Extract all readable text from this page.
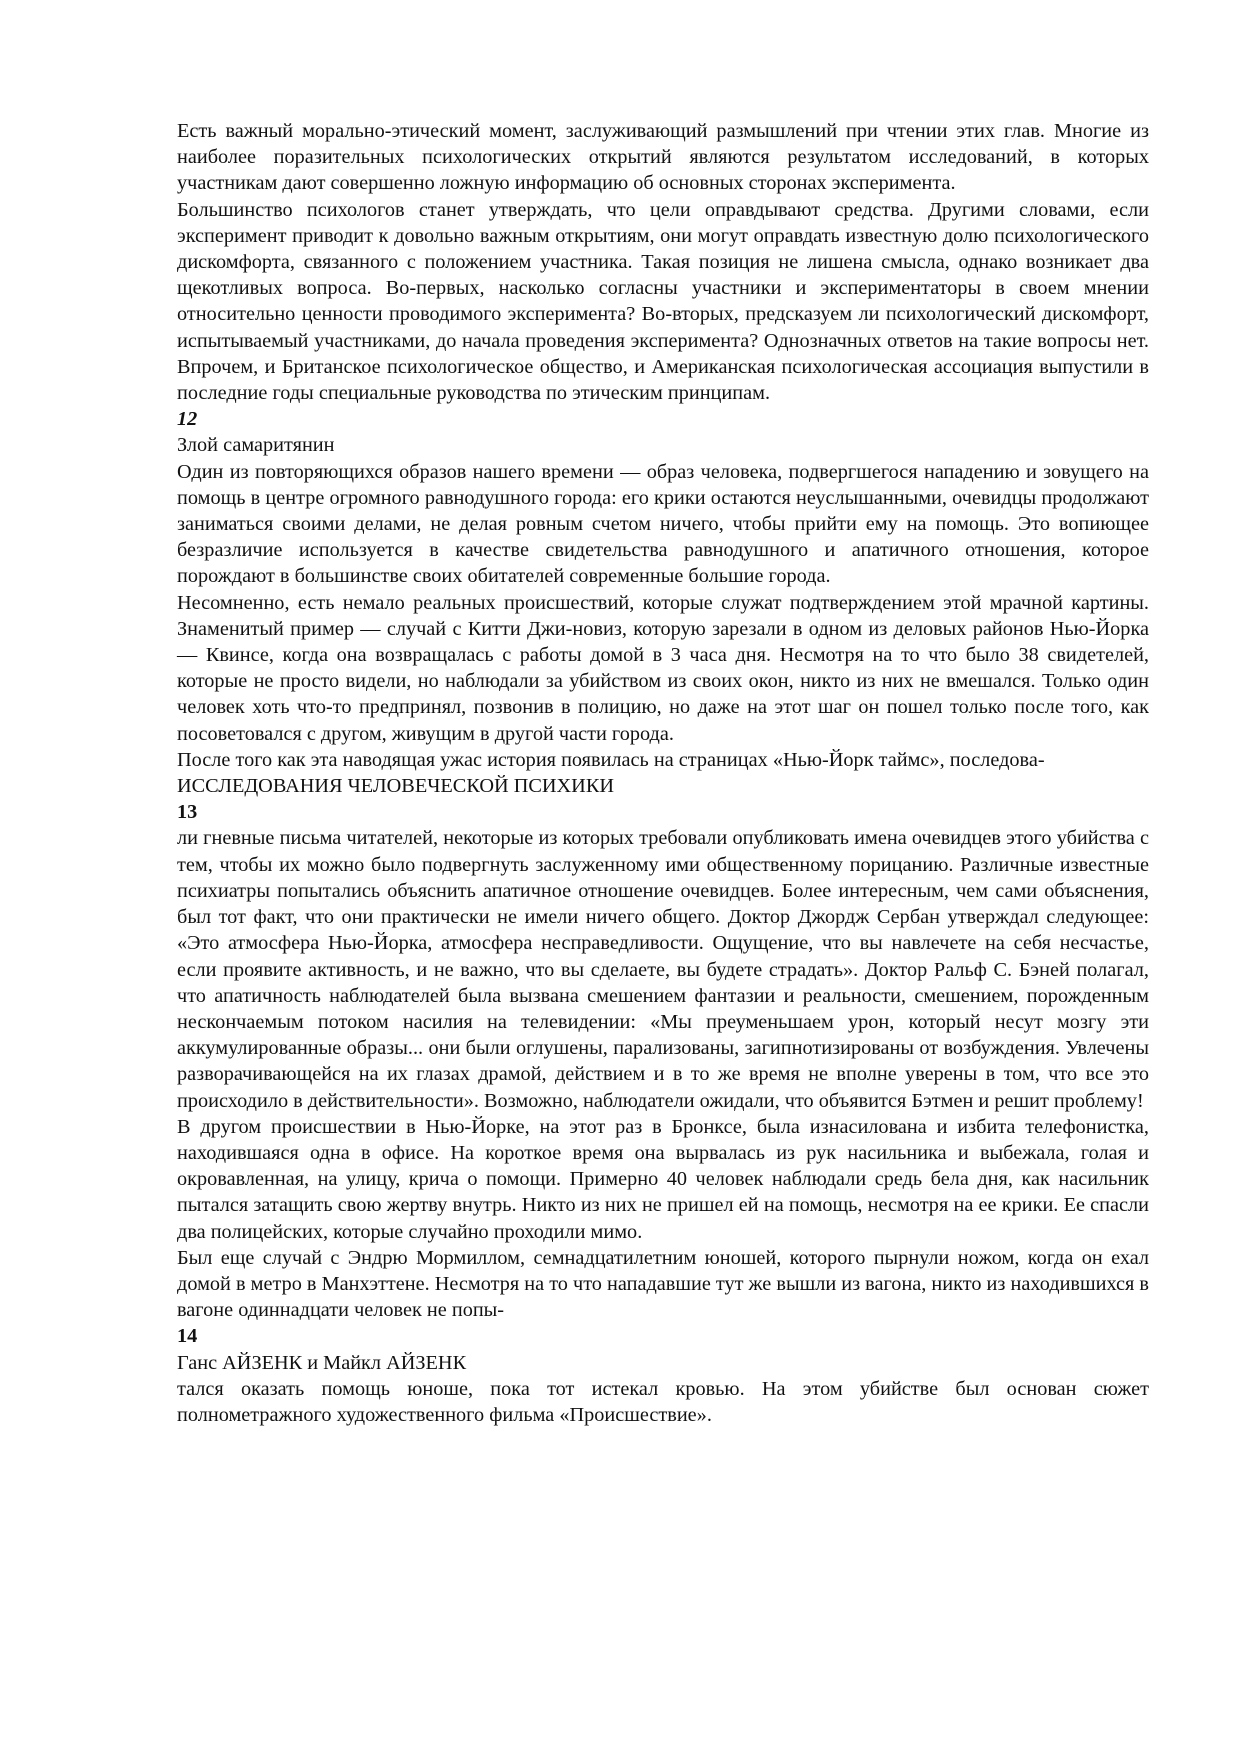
Есть важный морально-этический момент, заслуживающий размышлений при чтении этих глав. Многие из наиболее поразительных психологических открытий являются результатом исследований, в которых участникам дают совершенно ложную информацию об основных сторонах эксперимента.

Большинство психологов станет утверждать, что цели оправдывают средства. Другими словами, если эксперимент приводит к довольно важным открытиям, они могут оправдать известную долю психологического дискомфорта, связанного с положением участника. Такая позиция не лишена смысла, однако возникает два щекотливых вопроса. Во-первых, насколько согласны участники и экспериментаторы в своем мнении относительно ценности проводимого эксперимента? Во-вторых, предсказуем ли психологический дискомфорт, испытываемый участниками, до начала проведения эксперимента? Однозначных ответов на такие вопросы нет. Впрочем, и Британское психологическое общество, и Американская психологическая ассоциация выпустили в последние годы специальные руководства по этическим принципам.

12

Злой самаритянин

Один из повторяющихся образов нашего времени — образ человека, подвергшегося нападению и зовущего на помощь в центре огромного равнодушного города: его крики остаются неуслышанными, очевидцы продолжают заниматься своими делами, не делая ровным счетом ничего, чтобы прийти ему на помощь. Это вопиющее безразличие используется в качестве свидетельства равнодушного и апатичного отношения, которое порождают в большинстве своих обитателей современные большие города.

Несомненно, есть немало реальных происшествий, которые служат подтверждением этой мрачной картины. Знаменитый пример — случай с Китти Джи-новиз, которую зарезали в одном из деловых районов Нью-Йорка — Квинсе, когда она возвращалась с работы домой в 3 часа дня. Несмотря на то что было 38 свидетелей, которые не просто видели, но наблюдали за убийством из своих окон, никто из них не вмешался. Только один человек хоть что-то предпринял, позвонив в полицию, но даже на этот шаг он пошел только после того, как посоветовался с другом, живущим в другой части города.

После того как эта наводящая ужас история появилась на страницах «Нью-Йорк таймс», последова-

ИССЛЕДОВАНИЯ ЧЕЛОВЕЧЕСКОЙ ПСИХИКИ

13

ли гневные письма читателей, некоторые из которых требовали опубликовать имена очевидцев этого убийства с тем, чтобы их можно было подвергнуть заслуженному ими общественному порицанию. Различные известные психиатры попытались объяснить апатичное отношение очевидцев. Более интересным, чем сами объяснения, был тот факт, что они практически не имели ничего общего. Доктор Джордж Сербан утверждал следующее: «Это атмосфера Нью-Йорка, атмосфера несправедливости. Ощущение, что вы навлечете на себя несчастье, если проявите активность, и не важно, что вы сделаете, вы будете страдать». Доктор Ральф С. Бэней полагал, что апатичность наблюдателей была вызвана смешением фантазии и реальности, смешением, порожденным нескончаемым потоком насилия на телевидении: «Мы преуменьшаем урон, который несут мозгу эти аккумулированные образы... они были оглушены, парализованы, загипнотизированы от возбуждения. Увлечены разворачивающейся на их глазах драмой, действием и в то же время не вполне уверены в том, что все это происходило в действительности». Возможно, наблюдатели ожидали, что объявится Бэтмен и решит проблему!

В другом происшествии в Нью-Йорке, на этот раз в Бронксе, была изнасилована и избита телефонистка, находившаяся одна в офисе. На короткое время она вырвалась из рук насильника и выбежала, голая и окровавленная, на улицу, крича о помощи. Примерно 40 человек наблюдали средь бела дня, как насильник пытался затащить свою жертву внутрь. Никто из них не пришел ей на помощь, несмотря на ее крики. Ее спасли два полицейских, которые случайно проходили мимо.

Был еще случай с Эндрю Мормиллом, семнадцатилетним юношей, которого пырнули ножом, когда он ехал домой в метро в Манхэттене. Несмотря на то что нападавшие тут же вышли из вагона, никто из находившихся в вагоне одиннадцати человек не попы-

14

Ганс АЙЗЕНК и Майкл АЙЗЕНК

тался оказать помощь юноше, пока тот истекал кровью. На этом убийстве был основан сюжет полнометражного художественного фильма «Происшествие».
